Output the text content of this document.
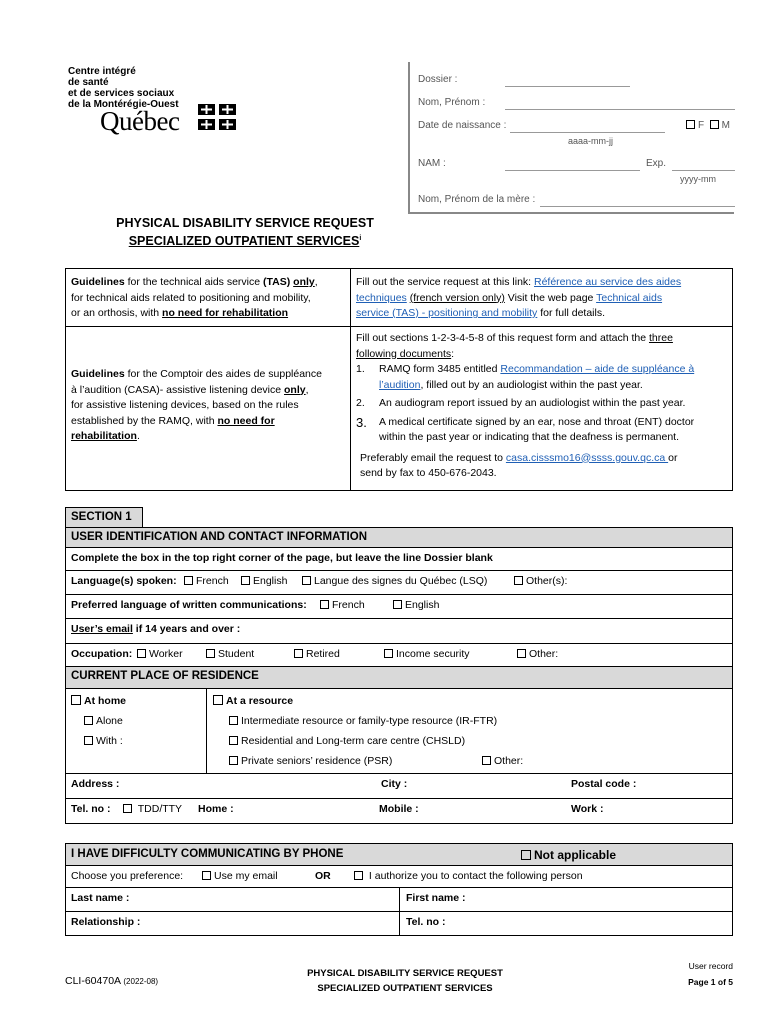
Centre intégré
de santé
et de services sociaux
de la Montérégie-Ouest
Québec
Dossier :
Nom, Prénom :
Date de naissance :	F M
aaaa-mm-jj
NAM :	Exp.
yyyy-mm
Nom, Prénom de la mère :
PHYSICAL DISABILITY SERVICE REQUEST
SPECIALIZED OUTPATIENT SERVICES$^i$
Guidelines for the technical aids service (TAS) only,
for technical aids related to positioning and mobility,
or an orthosis, with no need for rehabilitation
Fill out the service request at this link: Référence au service des aides
techniques (french version only) Visit the web page Technical aids
service (TAS) - positioning and mobility for full details.
Guidelines for the Comptoir des aides de suppléance
à l’audition (CASA)- assistive listening device only,
for assistive listening devices, based on the rules
established by the RAMQ, with no need for
rehabilitation.
Fill out sections 1-2-3-4-5-8 of this request form and attach the three
following documents:
1. RAMQ form 3485 entitled Recommandation – aide de suppléance à
l’audition, filled out by an audiologist within the past year.
2. An audiogram report issued by an audiologist within the past year.
3. A medical certificate signed by an ear, nose and throat (ENT) doctor
within the past year or indicating that the deafness is permanent.
Preferably email the request to casa.cisssmo16@ssss.gouv.qc.ca or
send by fax to 450-676-2043.
SECTION 1
USER IDENTIFICATION AND CONTACT INFORMATION
Complete the box in the top right corner of the page, but leave the line Dossier blank
Language(s) spoken:	French	English	Langue des signes du Québec (LSQ)	Other(s):
Preferred language of written communications:	French	English
User’s email if 14 years and over :
Occupation:	Worker	Student	Retired	Income security	Other:
CURRENT PLACE OF RESIDENCE
At home
Alone
With :
At a resource
Intermediate resource or family-type resource (IR-FTR)
Residential and Long-term care centre (CHSLD)
Private seniors’ residence (PSR)	Other:
Address :	City :	Postal code :
Tel. no :	TDD/TTY Home :	Mobile :	Work :
I HAVE DIFFICULTY COMMUNICATING BY PHONE	Not applicable
Choose you preference:	Use my email	OR	I authorize you to contact the following person
Last name :	First name :
Relationship :	Tel. no :
CLI-60470A (2022-08)
PHYSICAL DISABILITY SERVICE REQUEST
SPECIALIZED OUTPATIENT SERVICES
User record
Page 1 of 5
